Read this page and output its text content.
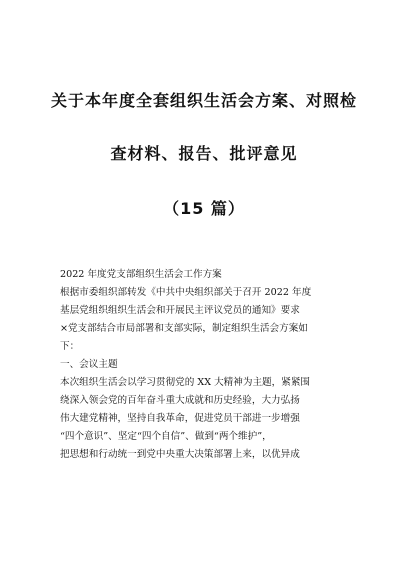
关于本年度全套组织生活会方案、对照检
查材料、报告、批评意见
（15 篇）
2022 年度党支部组织生活会工作方案
根据市委组织部转发《中共中央组织部关于召开 2022 年度
基层党组织组织生活会和开展民主评议党员的通知》要求
×党支部结合市局部署和支部实际，制定组织生活会方案如
下：
一、会议主题
本次组织生活会以学习贯彻党的 XX 大精神为主题，紧紧围
绕深入领会党的百年奋斗重大成就和历史经验，大力弘扬
伟大建党精神，坚持自我革命，促进党员干部进一步增强
“四个意识”、坚定“四个自信”、做到“两个维护”，
把思想和行动统一到党中央重大决策部署上来，以优异成
